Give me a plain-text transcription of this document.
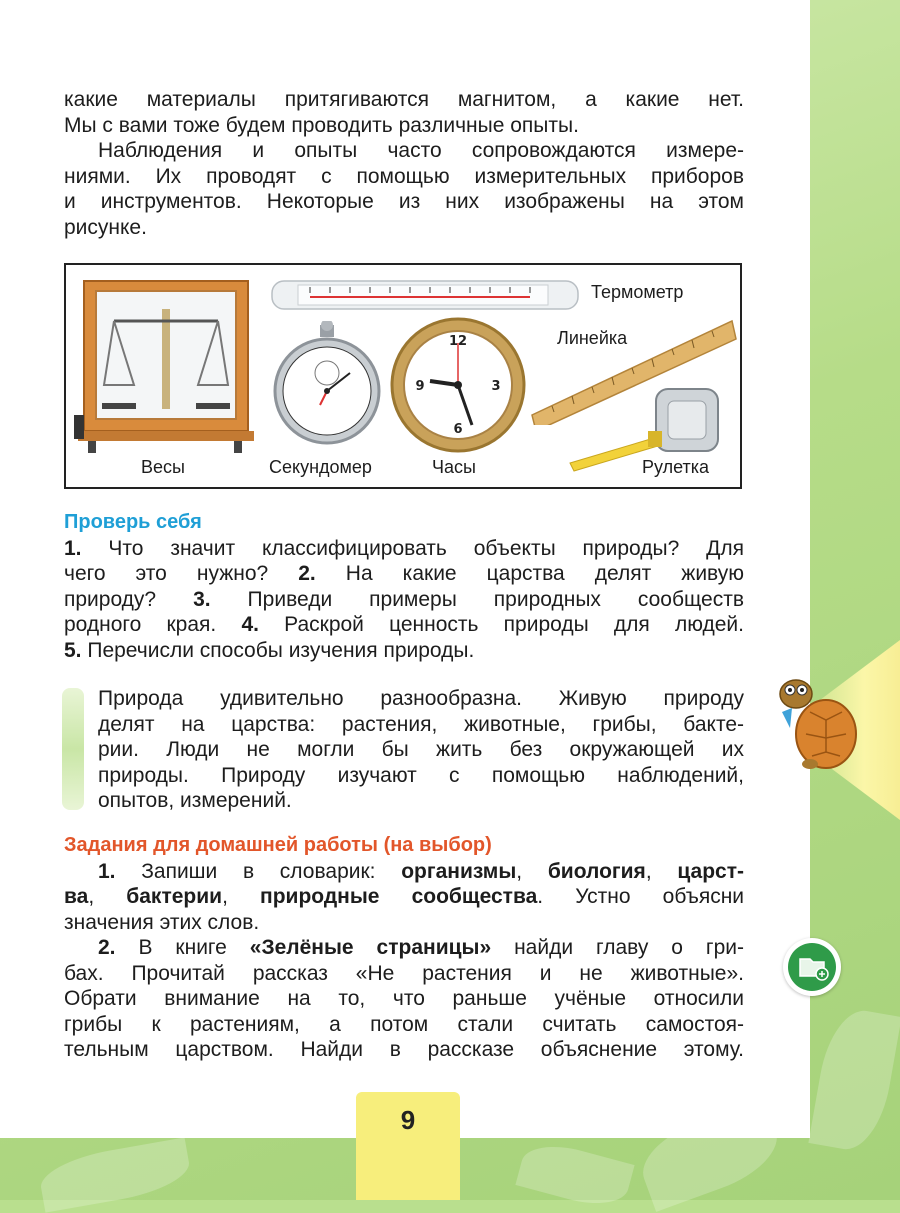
какие материалы притягиваются магнитом, а какие нет.
Мы с вами тоже будем проводить различные опыты.
Наблюдения и опыты часто сопровождаются измере-
ниями. Их проводят с помощью измерительных приборов
и инструментов. Некоторые из них изображены на этом
рисунке.
Термометр
Секундомер
12
3
6
9
Часы
Линейка
Рулетка
Весы
Проверь себя
1. Что значит классифицировать объекты природы? Для
чего это нужно? 2. На какие царства делят живую
природу? 3. Приведи примеры природных сообществ
родного края. 4. Раскрой ценность природы для людей.
5. Перечисли способы изучения природы.
Природа удивительно разнообразна. Живую природу
делят на царства: растения, животные, грибы, бакте-
рии. Люди не могли бы жить без окружающей их
природы. Природу изучают с помощью наблюдений,
опытов, измерений.
Задания для домашней работы (на выбор)
1. Запиши в словарик: организмы, биология, царст-
ва, бактерии, природные сообщества. Устно объясни
значения этих слов.
2. В книге «Зелёные страницы» найди главу о гри-
бах. Прочитай рассказ «Не растения и не животные».
Обрати внимание на то, что раньше учёные относили
грибы к растениям, а потом стали считать самостоя-
тельным царством. Найди в рассказе объяснение этому.
9
